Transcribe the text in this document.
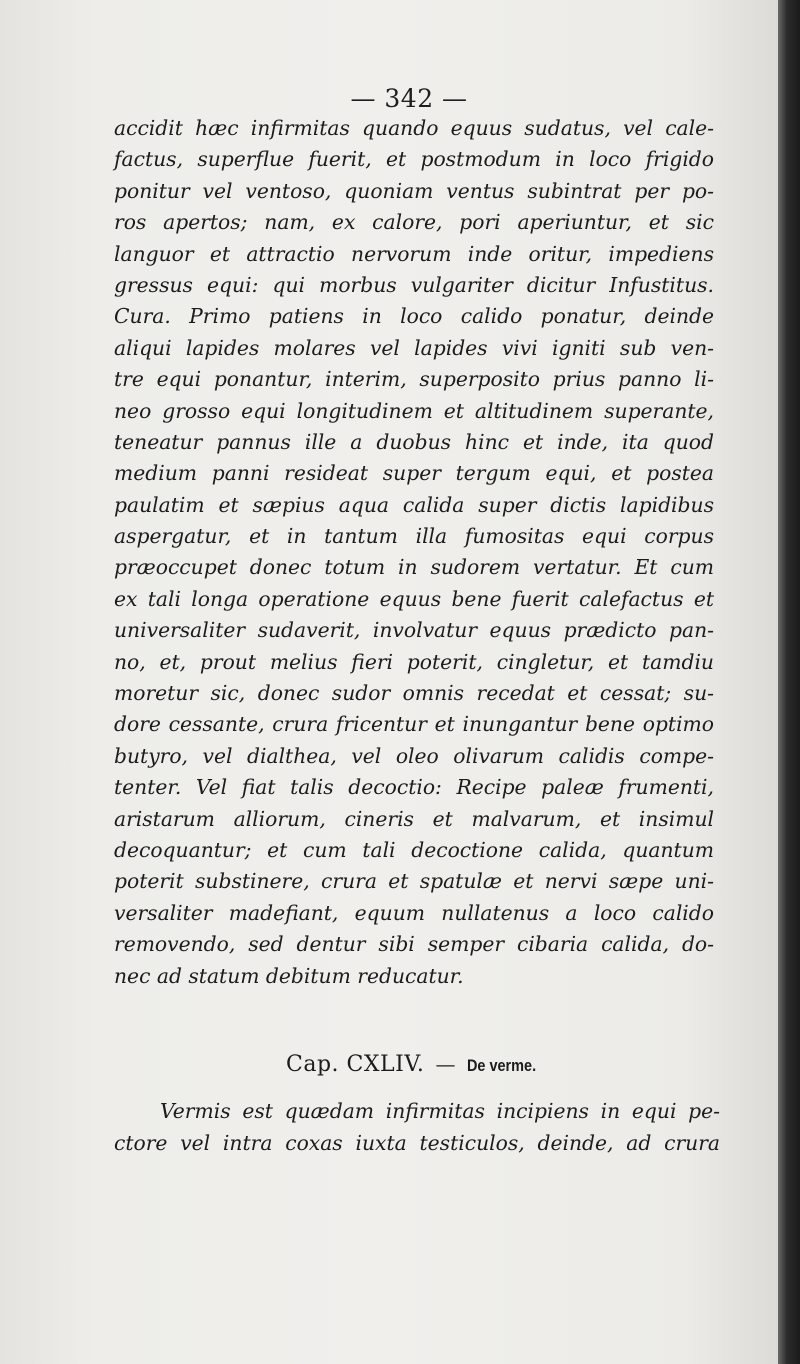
— 342 —
accidit hæc infirmitas quando equus sudatus, vel cale-
factus, superflue fuerit, et postmodum in loco frigido
ponitur vel ventoso, quoniam ventus subintrat per po-
ros apertos; nam, ex calore, pori aperiuntur, et sic
languor et attractio nervorum inde oritur, impediens
gressus equi: qui morbus vulgariter dicitur Infustitus.
Cura. Primo patiens in loco calido ponatur, deinde
aliqui lapides molares vel lapides vivi igniti sub ven-
tre equi ponantur, interim, superposito prius panno li-
neo grosso equi longitudinem et altitudinem superante,
teneatur pannus ille a duobus hinc et inde, ita quod
medium panni resideat super tergum equi, et postea
paulatim et sæpius aqua calida super dictis lapidibus
aspergatur, et in tantum illa fumositas equi corpus
præoccupet donec totum in sudorem vertatur. Et cum
ex tali longa operatione equus bene fuerit calefactus et
universaliter sudaverit, involvatur equus prædicto pan-
no, et, prout melius fieri poterit, cingletur, et tamdiu
moretur sic, donec sudor omnis recedat et cessat; su-
dore cessante, crura fricentur et inungantur bene optimo
butyro, vel dialthea, vel oleo olivarum calidis compe-
tenter. Vel fiat talis decoctio: Recipe paleæ frumenti,
aristarum alliorum, cineris et malvarum, et insimul
decoquantur; et cum tali decoctione calida, quantum
poterit substinere, crura et spatulæ et nervi sæpe uni-
versaliter madefiant, equum nullatenus a loco calido
removendo, sed dentur sibi semper cibaria calida, do-
nec ad statum debitum reducatur.
Cap. CXLIV. — De verme.
Vermis est quædam infirmitas incipiens in equi pe-
ctore vel intra coxas iuxta testiculos, deinde, ad crura
